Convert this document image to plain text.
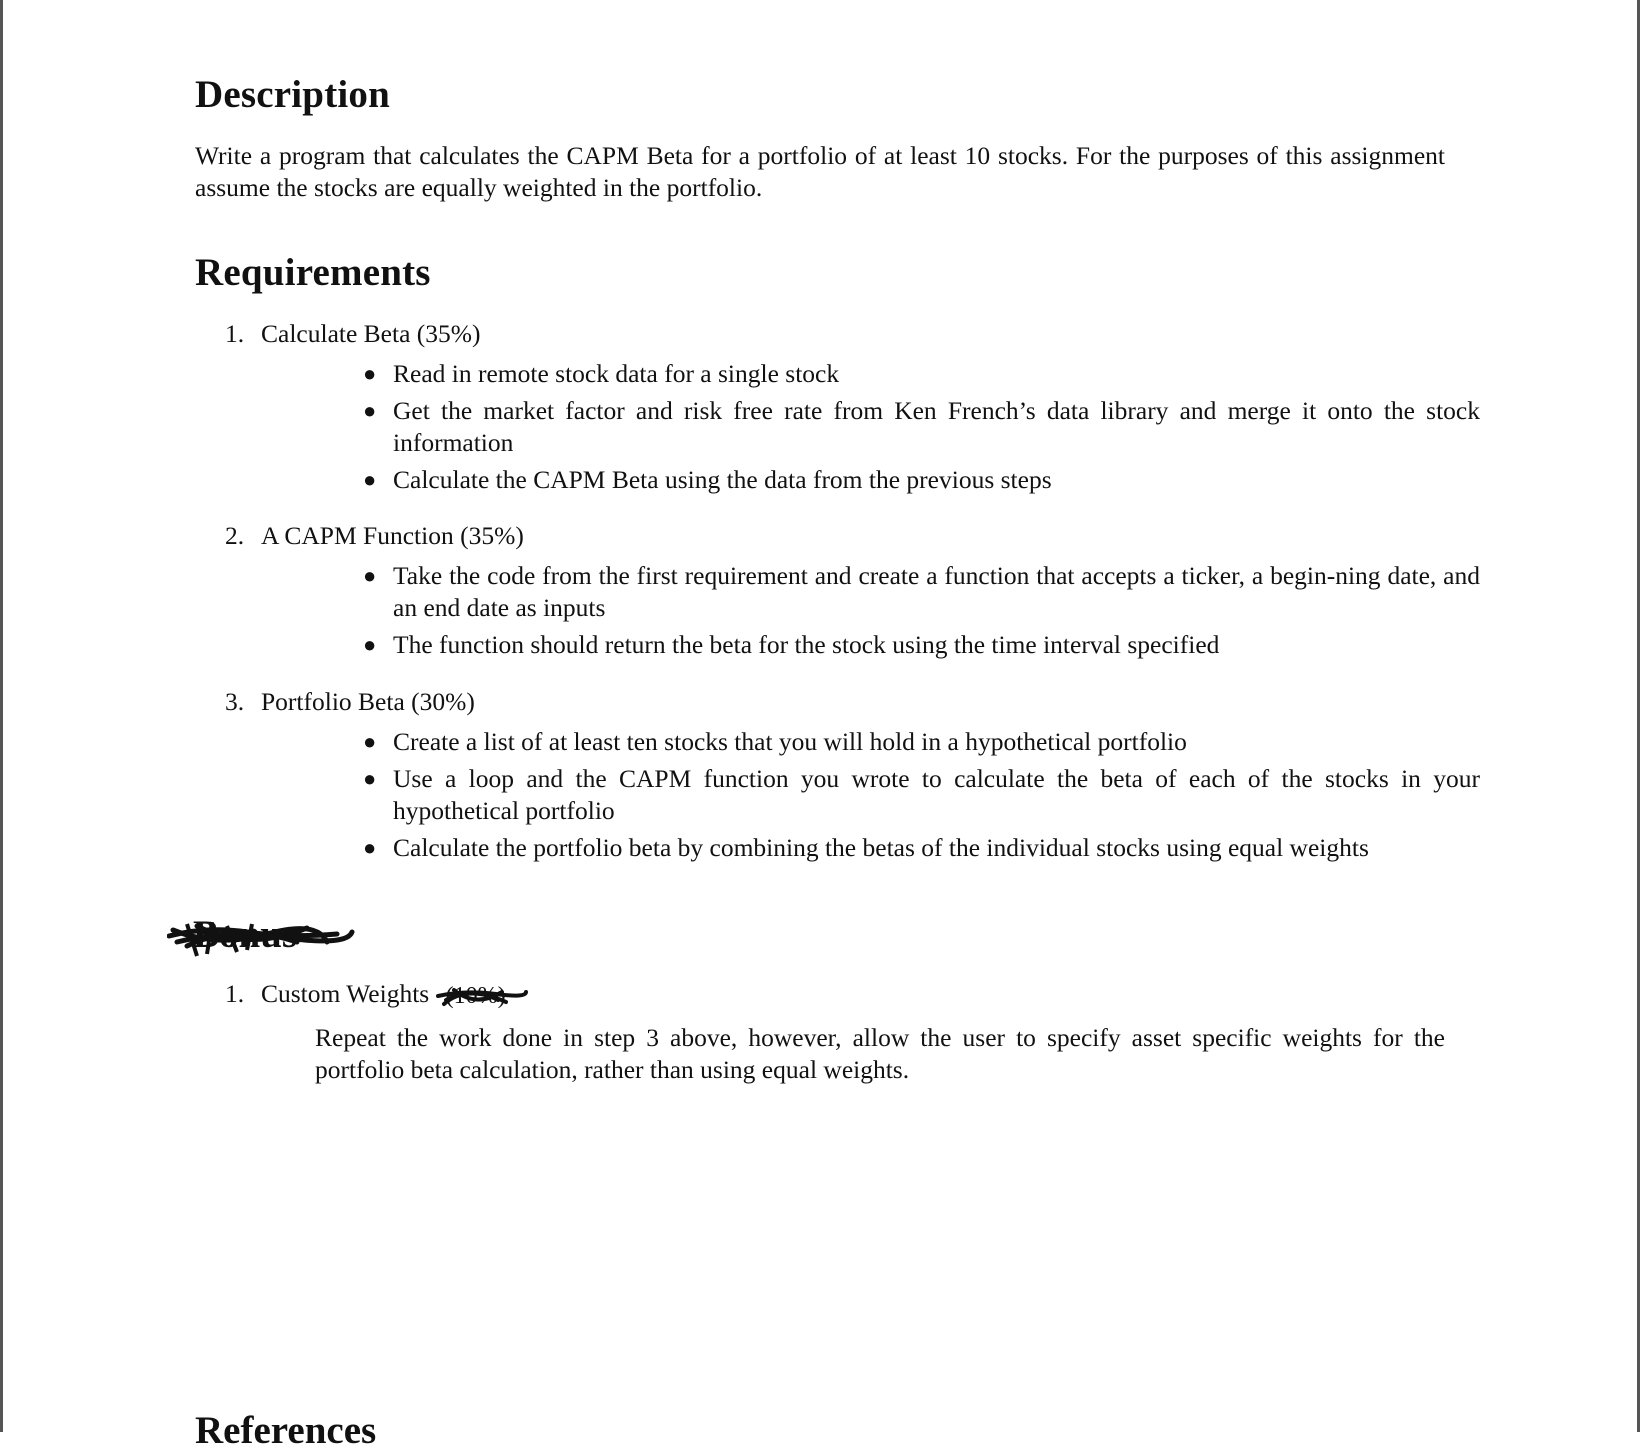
Description
Write a program that calculates the CAPM Beta for a portfolio of at least 10 stocks. For the purposes of this assignment assume the stocks are equally weighted in the portfolio.
Requirements
1. Calculate Beta (35%)
● Read in remote stock data for a single stock
● Get the market factor and risk free rate from Ken French’s data library and merge it onto the stock information
● Calculate the CAPM Beta using the data from the previous steps
2. A CAPM Function (35%)
● Take the code from the first requirement and create a function that accepts a ticker, a begin-ning date, and an end date as inputs
● The function should return the beta for the stock using the time interval specified
3. Portfolio Beta (30%)
● Create a list of at least ten stocks that you will hold in a hypothetical portfolio
● Use a loop and the CAPM function you wrote to calculate the beta of each of the stocks in your hypothetical portfolio
● Calculate the portfolio beta by combining the betas of the individual stocks using equal weights
Bonus
1. Custom Weights (10%)
Repeat the work done in step 3 above, however, allow the user to specify asset specific weights for the portfolio beta calculation, rather than using equal weights.
References
